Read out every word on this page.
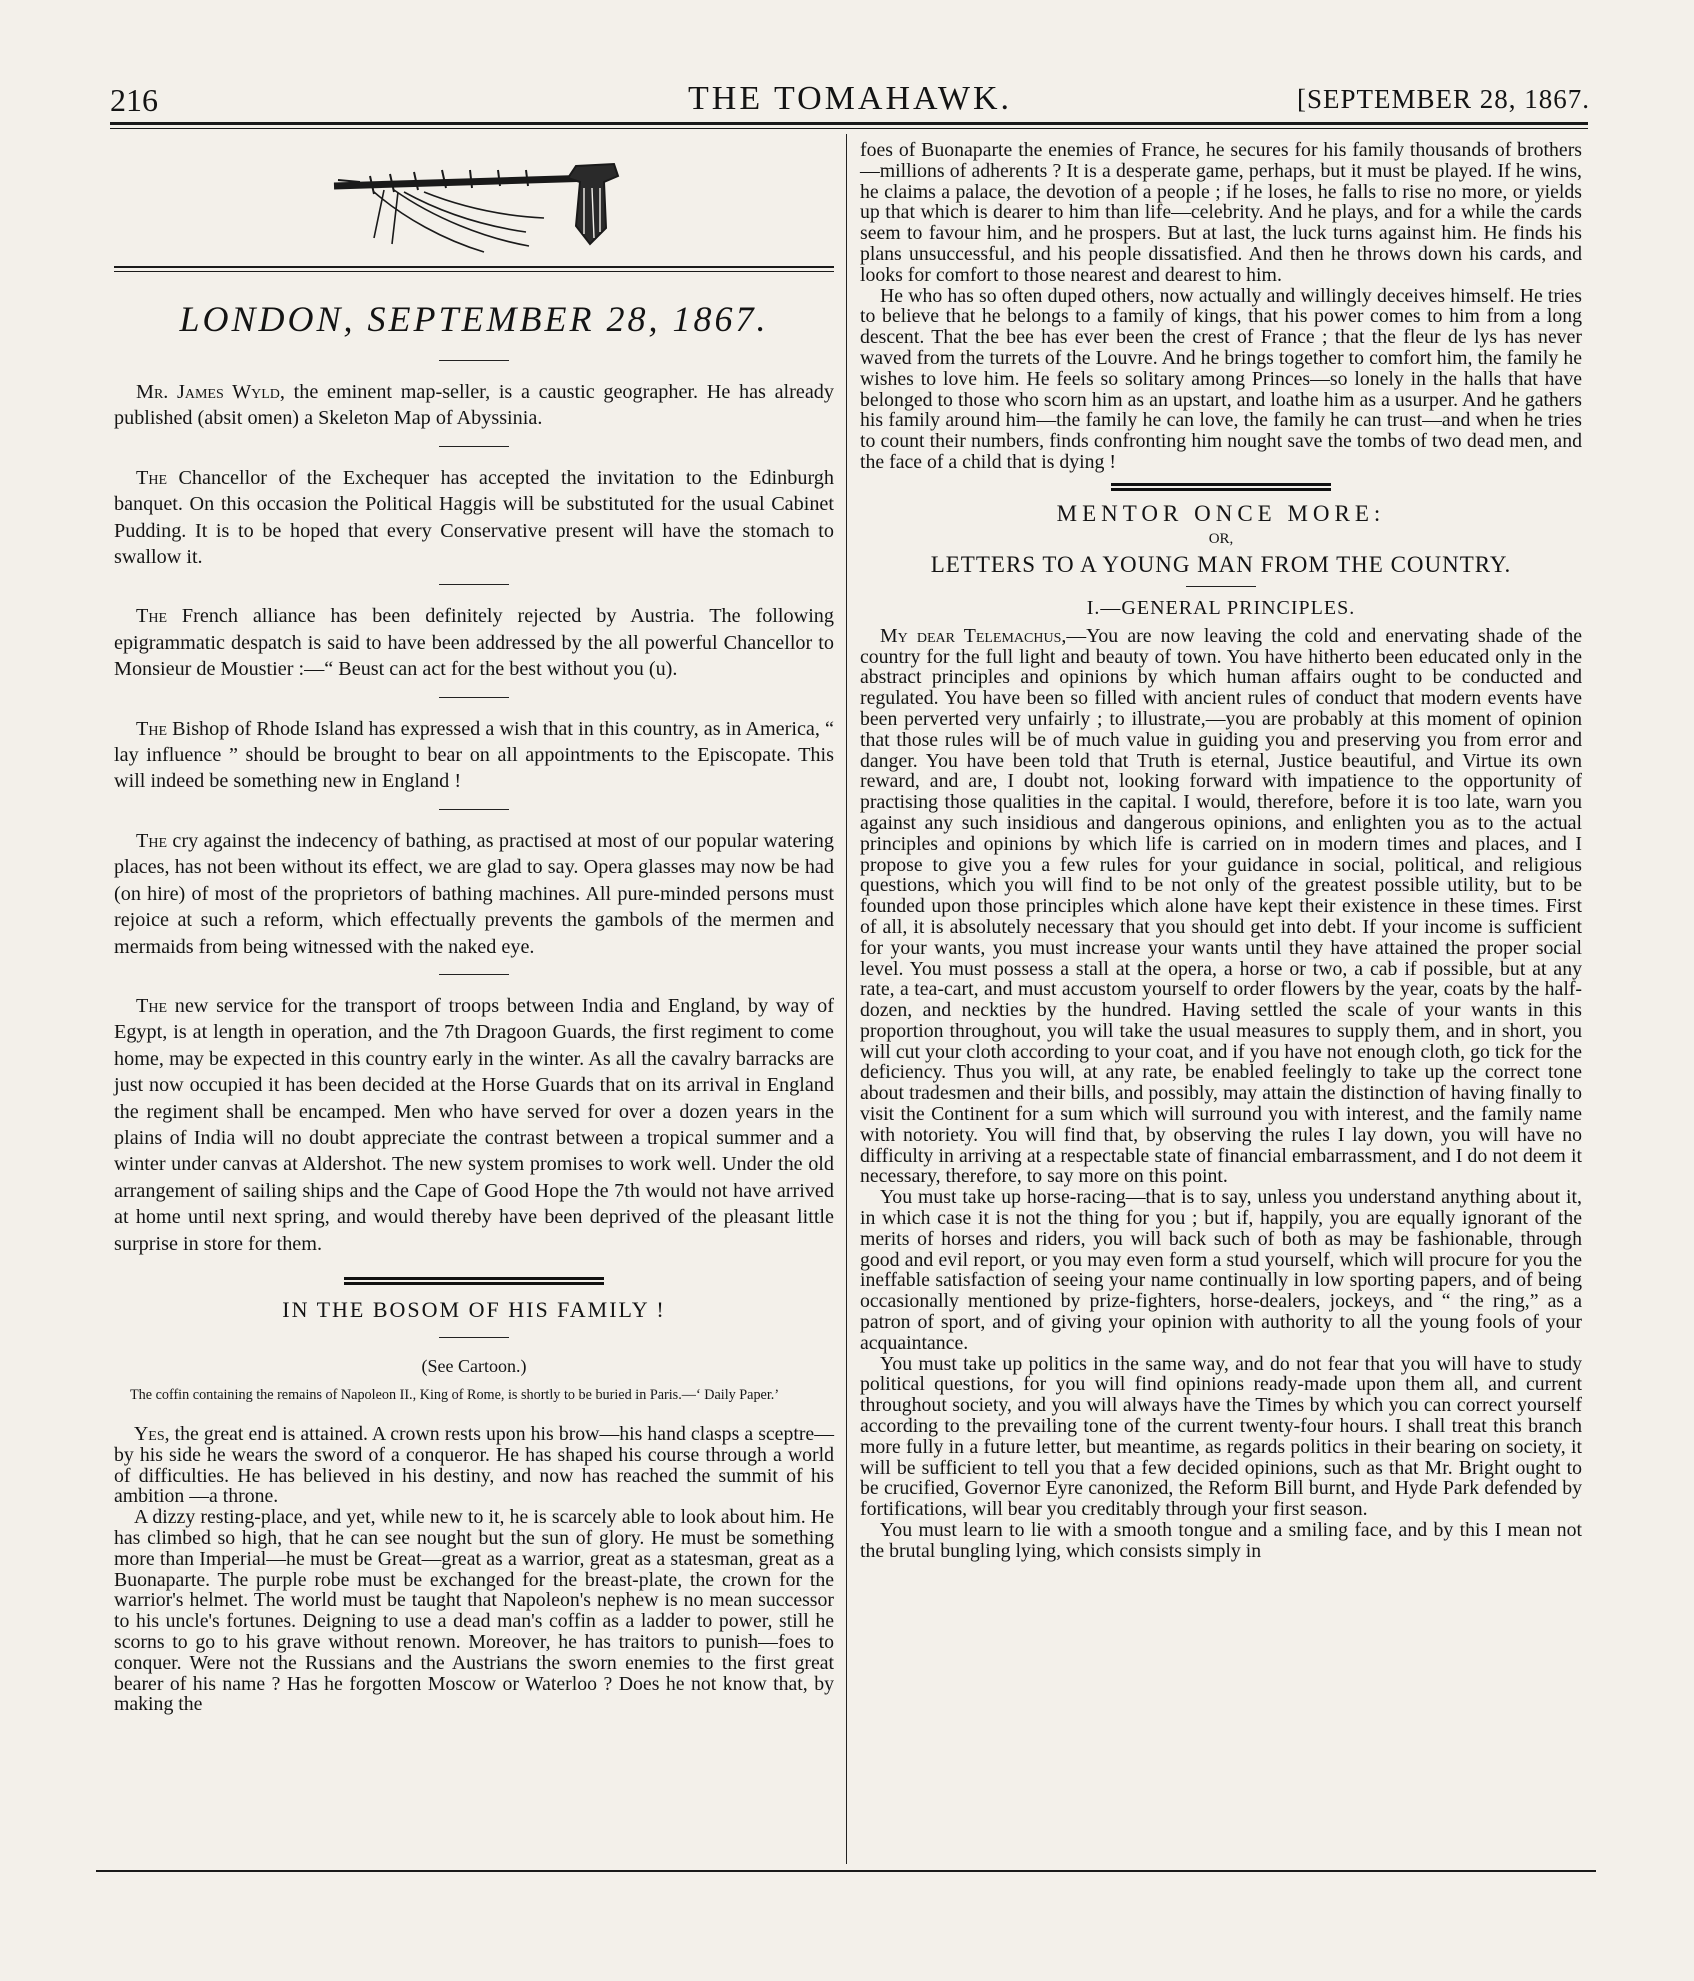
216	THE TOMAHAWK.	[SEPTEMBER 28, 1867.
LONDON, SEPTEMBER 28, 1867.

Mr. James Wyld, the eminent map-seller, is a caustic geographer. He has already published (absit omen) a Skeleton Map of Abyssinia.

The Chancellor of the Exchequer has accepted the invitation to the Edinburgh banquet. On this occasion the Political Haggis will be substituted for the usual Cabinet Pudding. It is to be hoped that every Conservative present will have the stomach to swallow it.

The French alliance has been definitely rejected by Austria. The following epigrammatic despatch is said to have been addressed by the all powerful Chancellor to Monsieur de Moustier :—“ Beust can act for the best without you (u).

The Bishop of Rhode Island has expressed a wish that in this country, as in America, “ lay influence ” should be brought to bear on all appointments to the Episcopate. This will indeed be something new in England !

The cry against the indecency of bathing, as practised at most of our popular watering places, has not been without its effect, we are glad to say. Opera glasses may now be had (on hire) of most of the proprietors of bathing machines. All pure-minded persons must rejoice at such a reform, which effectually prevents the gambols of the mermen and mermaids from being witnessed with the naked eye.

The new service for the transport of troops between India and England, by way of Egypt, is at length in operation, and the 7th Dragoon Guards, the first regiment to come home, may be expected in this country early in the winter. As all the cavalry barracks are just now occupied it has been decided at the Horse Guards that on its arrival in England the regiment shall be encamped. Men who have served for over a dozen years in the plains of India will no doubt appreciate the contrast between a tropical summer and a winter under canvas at Aldershot. The new system promises to work well. Under the old arrangement of sailing ships and the Cape of Good Hope the 7th would not have arrived at home until next spring, and would thereby have been deprived of the pleasant little surprise in store for them.

IN THE BOSOM OF HIS FAMILY !
(See Cartoon.)

The coffin containing the remains of Napoleon II., King of Rome, is shortly to be buried in Paris.—‘ Daily Paper.’

Yes, the great end is attained. A crown rests upon his brow—his hand clasps a sceptre—by his side he wears the sword of a conqueror. He has shaped his course through a world of difficulties. He has believed in his destiny, and now has reached the summit of his ambition —a throne.

A dizzy resting-place, and yet, while new to it, he is scarcely able to look about him. He has climbed so high, that he can see nought but the sun of glory. He must be something more than Imperial—he must be Great—great as a warrior, great as a statesman, great as a Buonaparte. The purple robe must be exchanged for the breast-plate, the crown for the warrior's helmet. The world must be taught that Napoleon's nephew is no mean successor to his uncle's fortunes. Deigning to use a dead man's coffin as a ladder to power, still he scorns to go to his grave without renown. Moreover, he has traitors to punish—foes to conquer. Were not the Russians and the Austrians the sworn enemies to the first great bearer of his name ? Has he forgotten Moscow or Waterloo ? Does he not know that, by making the

foes of Buonaparte the enemies of France, he secures for his family thousands of brothers—millions of adherents ? It is a desperate game, perhaps, but it must be played. If he wins, he claims a palace, the devotion of a people ; if he loses, he falls to rise no more, or yields up that which is dearer to him than life—celebrity. And he plays, and for a while the cards seem to favour him, and he prospers. But at last, the luck turns against him. He finds his plans unsuccessful, and his people dissatisfied. And then he throws down his cards, and looks for comfort to those nearest and dearest to him.

He who has so often duped others, now actually and willingly deceives himself. He tries to believe that he belongs to a family of kings, that his power comes to him from a long descent. That the bee has ever been the crest of France ; that the fleur de lys has never waved from the turrets of the Louvre. And he brings together to comfort him, the family he wishes to love him. He feels so solitary among Princes—so lonely in the halls that have belonged to those who scorn him as an upstart, and loathe him as a usurper. And he gathers his family around him—the family he can love, the family he can trust—and when he tries to count their numbers, finds confronting him nought save the tombs of two dead men, and the face of a child that is dying !

MENTOR ONCE MORE:
OR,
LETTERS TO A YOUNG MAN FROM THE COUNTRY.
I.—GENERAL PRINCIPLES.

My dear Telemachus,—You are now leaving the cold and enervating shade of the country for the full light and beauty of town. You have hitherto been educated only in the abstract principles and opinions by which human affairs ought to be conducted and regulated. You have been so filled with ancient rules of conduct that modern events have been perverted very unfairly ; to illustrate,—you are probably at this moment of opinion that those rules will be of much value in guiding you and preserving you from error and danger. You have been told that Truth is eternal, Justice beautiful, and Virtue its own reward, and are, I doubt not, looking forward with impatience to the opportunity of practising those qualities in the capital. I would, therefore, before it is too late, warn you against any such insidious and dangerous opinions, and enlighten you as to the actual principles and opinions by which life is carried on in modern times and places, and I propose to give you a few rules for your guidance in social, political, and religious questions, which you will find to be not only of the greatest possible utility, but to be founded upon those principles which alone have kept their existence in these times. First of all, it is absolutely necessary that you should get into debt. If your income is sufficient for your wants, you must increase your wants until they have attained the proper social level. You must possess a stall at the opera, a horse or two, a cab if possible, but at any rate, a tea-cart, and must accustom yourself to order flowers by the year, coats by the half-dozen, and neckties by the hundred. Having settled the scale of your wants in this proportion throughout, you will take the usual measures to supply them, and in short, you will cut your cloth according to your coat, and if you have not enough cloth, go tick for the deficiency. Thus you will, at any rate, be enabled feelingly to take up the correct tone about tradesmen and their bills, and possibly, may attain the distinction of having finally to visit the Continent for a sum which will surround you with interest, and the family name with notoriety. You will find that, by observing the rules I lay down, you will have no difficulty in arriving at a respectable state of financial embarrassment, and I do not deem it necessary, therefore, to say more on this point.

You must take up horse-racing—that is to say, unless you understand anything about it, in which case it is not the thing for you ; but if, happily, you are equally ignorant of the merits of horses and riders, you will back such of both as may be fashionable, through good and evil report, or you may even form a stud yourself, which will procure for you the ineffable satisfaction of seeing your name continually in low sporting papers, and of being occasionally mentioned by prize-fighters, horse-dealers, jockeys, and “ the ring,” as a patron of sport, and of giving your opinion with authority to all the young fools of your acquaintance.

You must take up politics in the same way, and do not fear that you will have to study political questions, for you will find opinions ready-made upon them all, and current throughout society, and you will always have the Times by which you can correct yourself according to the prevailing tone of the current twenty-four hours. I shall treat this branch more fully in a future letter, but meantime, as regards politics in their bearing on society, it will be sufficient to tell you that a few decided opinions, such as that Mr. Bright ought to be crucified, Governor Eyre canonized, the Reform Bill burnt, and Hyde Park defended by fortifications, will bear you creditably through your first season.

You must learn to lie with a smooth tongue and a smiling face, and by this I mean not the brutal bungling lying, which consists simply in
